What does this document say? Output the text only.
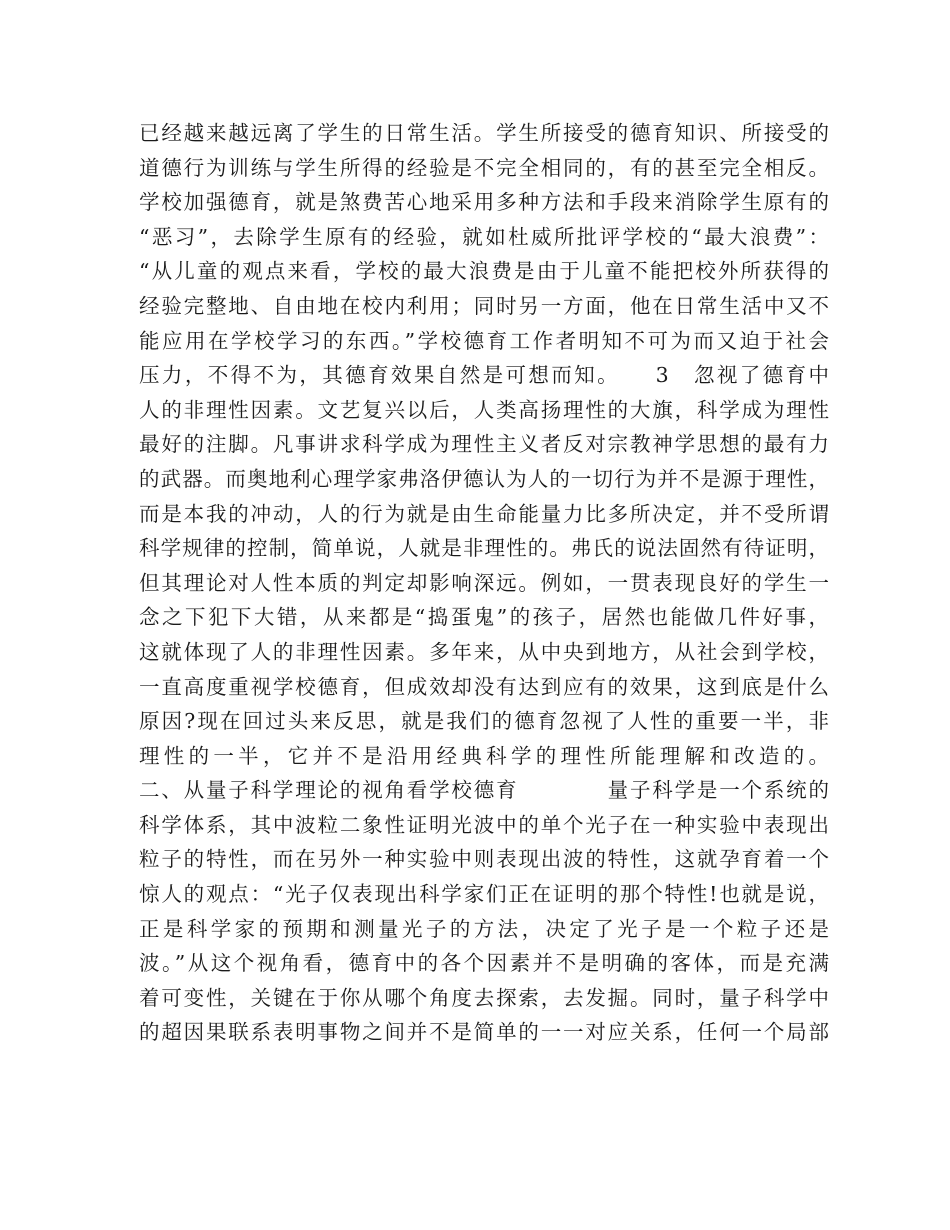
已经越来越远离了学生的日常生活。学生所接受的德育知识、所接受的
道德行为训练与学生所得的经验是不完全相同的，有的甚至完全相反。
学校加强德育，就是煞费苦心地采用多种方法和手段来消除学生原有的
“恶习”，去除学生原有的经验，就如杜威所批评学校的“最大浪费”：
“从儿童的观点来看，学校的最大浪费是由于儿童不能把校外所获得的
经验完整地、自由地在校内利用；同时另一方面，他在日常生活中又不
能应用在学校学习的东西。”学校德育工作者明知不可为而又迫于社会
压力，不得不为，其德育效果自然是可想而知。　　3　忽视了德育中
人的非理性因素。文艺复兴以后，人类高扬理性的大旗，科学成为理性
最好的注脚。凡事讲求科学成为理性主义者反对宗教神学思想的最有力
的武器。而奥地利心理学家弗洛伊德认为人的一切行为并不是源于理性，
而是本我的冲动，人的行为就是由生命能量力比多所决定，并不受所谓
科学规律的控制，简单说，人就是非理性的。弗氏的说法固然有待证明，
但其理论对人性本质的判定却影响深远。例如，一贯表现良好的学生一
念之下犯下大错，从来都是“捣蛋鬼”的孩子，居然也能做几件好事，
这就体现了人的非理性因素。多年来，从中央到地方，从社会到学校，
一直高度重视学校德育，但成效却没有达到应有的效果，这到底是什么
原因?现在回过头来反思，就是我们的德育忽视了人性的重要一半，非
理性的一半，它并不是沿用经典科学的理性所能理解和改造的。
二、从量子科学理论的视角看学校德育　　　　量子科学是一个系统的
科学体系，其中波粒二象性证明光波中的单个光子在一种实验中表现出
粒子的特性，而在另外一种实验中则表现出波的特性，这就孕育着一个
惊人的观点：“光子仅表现出科学家们正在证明的那个特性!也就是说，
正是科学家的预期和测量光子的方法，决定了光子是一个粒子还是
波。”从这个视角看，德育中的各个因素并不是明确的客体，而是充满
着可变性，关键在于你从哪个角度去探索，去发掘。同时，量子科学中
的超因果联系表明事物之间并不是简单的一一对应关系，任何一个局部
